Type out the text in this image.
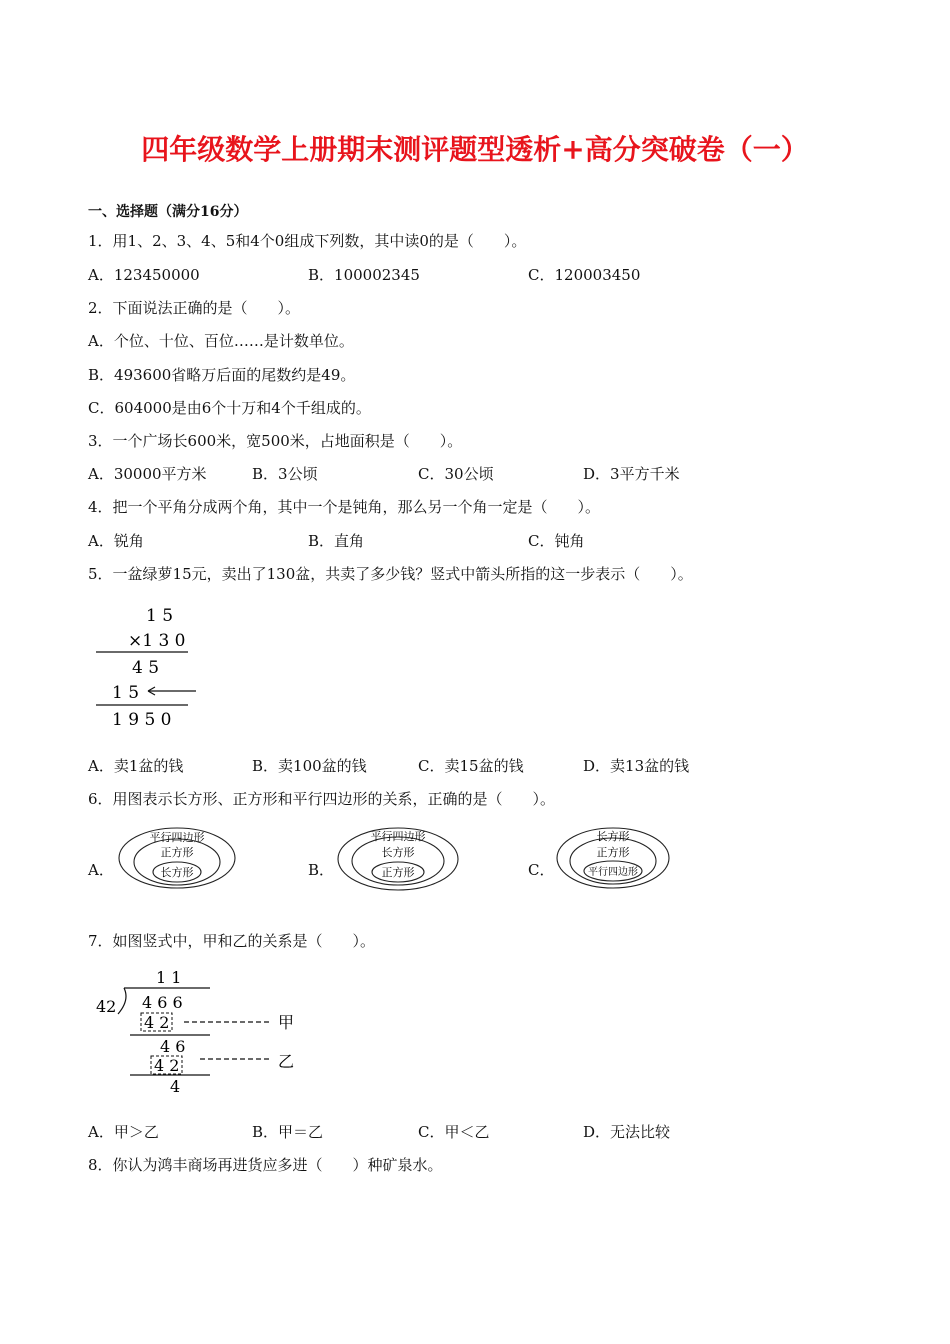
四年级数学上册期末测评题型透析+高分突破卷（一）
一、选择题（满分16分）
1．用1、2、3、4、5和4个0组成下列数，其中读0的是（　　）。
A．123450000	B．100002345	C．120003450
2．下面说法正确的是（　　）。
A．个位、十位、百位……是计数单位。
B．493600省略万后面的尾数约是49。
C．604000是由6个十万和4个千组成的。
3．一个广场长600米，宽500米，占地面积是（　　）。
A．30000平方米	B．3公顷	C．30公顷	D．3平方千米
4．把一个平角分成两个角，其中一个是钝角，那么另一个角一定是（　　）。
A．锐角	B．直角	C．钝角
5．一盆绿萝15元，卖出了130盆，共卖了多少钱？竖式中箭头所指的这一步表示（　　）。
1 5
×1 3 0
4 5
1 5
1 9 5 0
A．卖1盆的钱	B．卖100盆的钱	C．卖15盆的钱	D．卖13盆的钱
6．用图表示长方形、正方形和平行四边形的关系，正确的是（　　）。
A．
平行四边形
正方形
长方形	B．
平行四边形
长方形
正方形	C．
长方形
正方形
平行四边形
7．如图竖式中，甲和乙的关系是（　　）。
1 1
42 4 6 6
4 2	甲
4 6
4 2	乙
4
A．甲＞乙	B．甲＝乙	C．甲＜乙	D．无法比较
8．你认为鸿丰商场再进货应多进（　　）种矿泉水。
